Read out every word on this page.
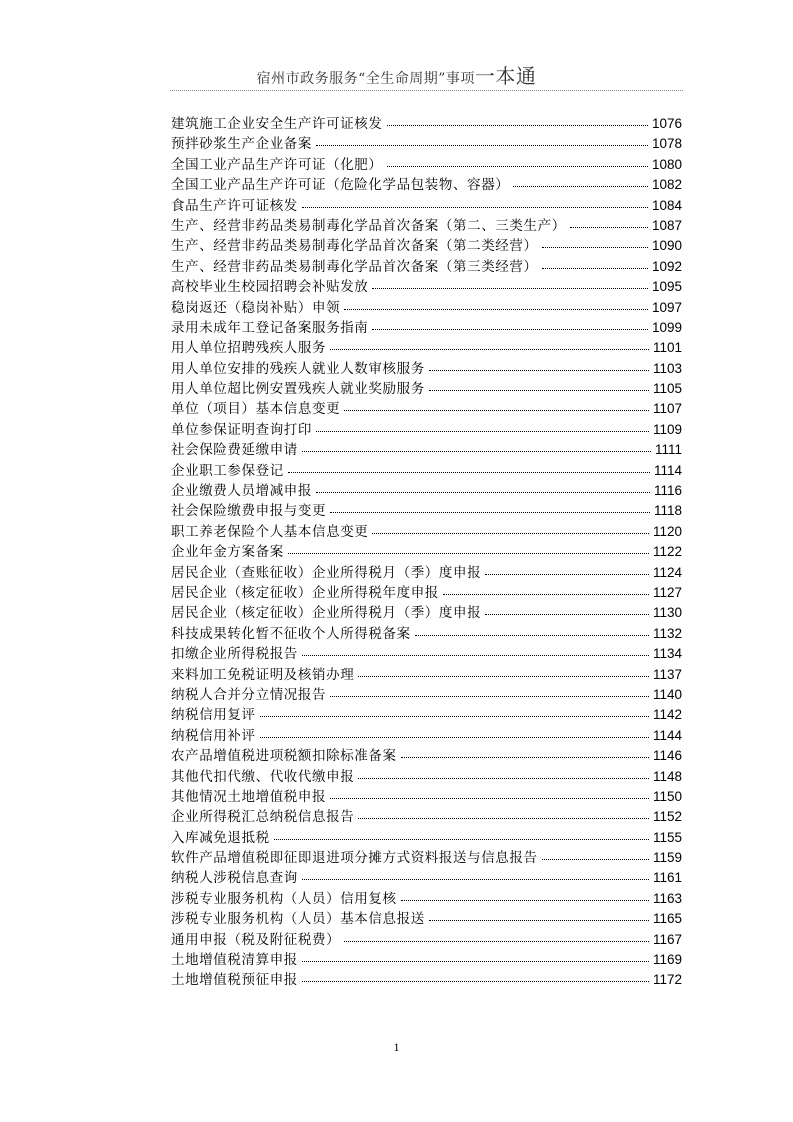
宿州市政务服务“全生命周期”事项一本通
建筑施工企业安全生产许可证核发	1076
预拌砂浆生产企业备案	1078
全国工业产品生产许可证（化肥）	1080
全国工业产品生产许可证（危险化学品包装物、容器）	1082
食品生产许可证核发	1084
生产、经营非药品类易制毒化学品首次备案（第二、三类生产）	1087
生产、经营非药品类易制毒化学品首次备案（第二类经营）	1090
生产、经营非药品类易制毒化学品首次备案（第三类经营）	1092
高校毕业生校园招聘会补贴发放	1095
稳岗返还（稳岗补贴）申领	1097
录用未成年工登记备案服务指南	1099
用人单位招聘残疾人服务	1101
用人单位安排的残疾人就业人数审核服务	1103
用人单位超比例安置残疾人就业奖励服务	1105
单位（项目）基本信息变更	1107
单位参保证明查询打印	1109
社会保险费延缴申请	1111
企业职工参保登记	1114
企业缴费人员增减申报	1116
社会保险缴费申报与变更	1118
职工养老保险个人基本信息变更	1120
企业年金方案备案	1122
居民企业（查账征收）企业所得税月（季）度申报	1124
居民企业（核定征收）企业所得税年度申报	1127
居民企业（核定征收）企业所得税月（季）度申报	1130
科技成果转化暂不征收个人所得税备案	1132
扣缴企业所得税报告	1134
来料加工免税证明及核销办理	1137
纳税人合并分立情况报告	1140
纳税信用复评	1142
纳税信用补评	1144
农产品增值税进项税额扣除标准备案	1146
其他代扣代缴、代收代缴申报	1148
其他情况土地增值税申报	1150
企业所得税汇总纳税信息报告	1152
入库减免退抵税	1155
软件产品增值税即征即退进项分摊方式资料报送与信息报告	1159
纳税人涉税信息查询	1161
涉税专业服务机构（人员）信用复核	1163
涉税专业服务机构（人员）基本信息报送	1165
通用申报（税及附征税费）	1167
土地增值税清算申报	1169
土地增值税预征申报	1172
1
